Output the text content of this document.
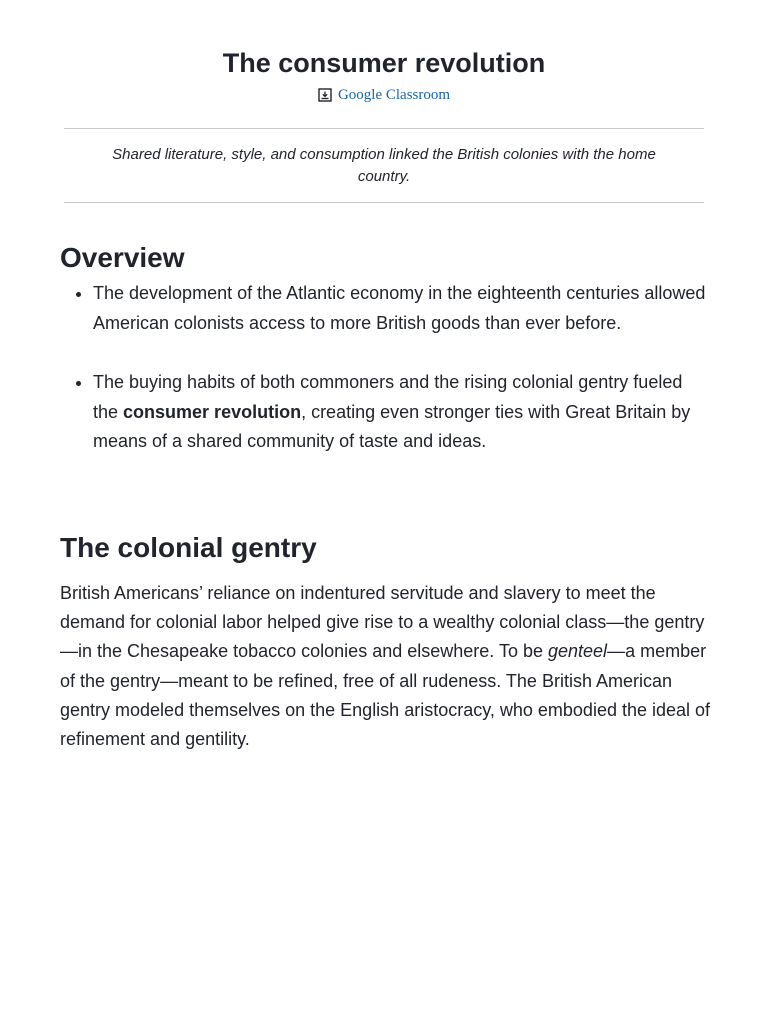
The consumer revolution
Google Classroom

Shared literature, style, and consumption linked the British colonies with the home country.

Overview
• The development of the Atlantic economy in the eighteenth centuries allowed American colonists access to more British goods than ever before.
• The buying habits of both commoners and the rising colonial gentry fueled the consumer revolution, creating even stronger ties with Great Britain by means of a shared community of taste and ideas.
The colonial gentry

British Americans’ reliance on indentured servitude and slavery to meet the demand for colonial labor helped give rise to a wealthy colonial class—the gentry—in the Chesapeake tobacco colonies and elsewhere. To be genteel—a member of the gentry—meant to be refined, free of all rudeness. The British American gentry modeled themselves on the English aristocracy, who embodied the ideal of refinement and gentility.
